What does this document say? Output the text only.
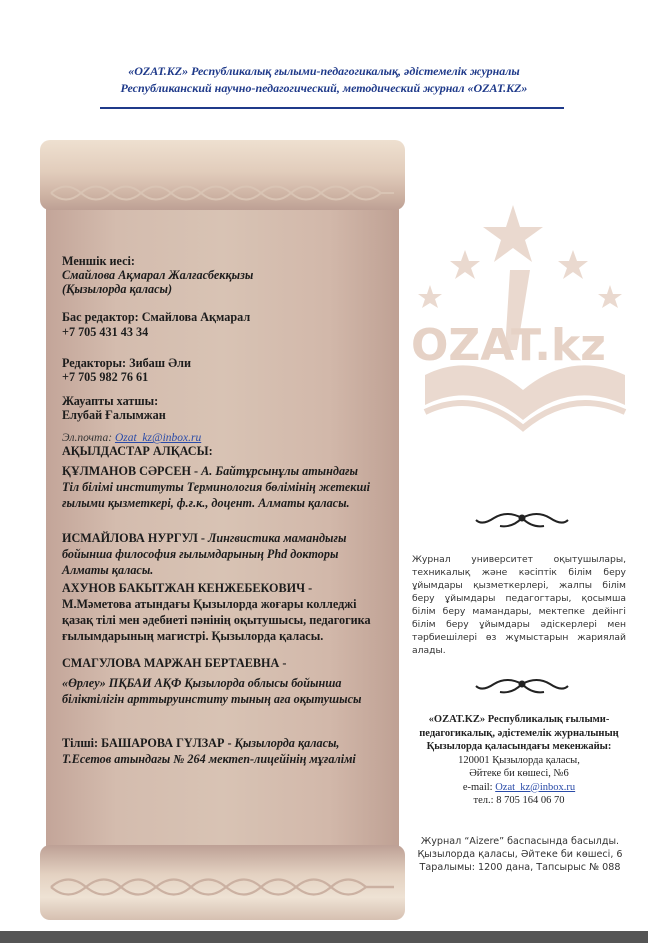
«OZAT.KZ» Республикалық ғылыми-педагогикалық, әдістемелік журналы
Республиканский научно-педагогический, методический журнал «OZAT.KZ»
Меншік иесі:
Смайлова Ақмарал Жалғасбекқызы
(Қызылорда қаласы)
Бас редактор: Смайлова Ақмарал
+7 705 431 43 34
Редакторы: Зибаш Әли
+7 705 982 76 61
Жауапты хатшы:
Елубай Ғалымжан
Эл.почта: Ozat_kz@inbox.ru
АҚЫЛДАСТАР АЛҚАСЫ:
ҚҰЛМАНОВ СӘРСЕН - А. Байтұрсынұлы атындағы Тіл білімі институты Терминология бөлімінің жетекші ғылыми қызметкері, ф.ғ.к., доцент. Алматы қаласы.
ИСМАЙЛОВА НУРГУЛ - Лингвистика мамандығы бойынша философия ғылымдарының Phd докторы Алматы қаласы.
АХУНОВ БАКЫТЖАН КЕНЖЕБЕКОВИЧ - М.Мәметова атындағы Қызылорда жоғары колледжі қазақ тілі мен әдебиеті пәнінің оқытушысы, педагогика ғылымдарының магистрі. Қызылорда қаласы.
СМАГУЛОВА МАРЖАН БЕРТАЕВНА -
«Өрлеу» ПҚБАИ АҚФ Қызылорда облысы бойынша біліктілігін арттыруинститу тының аға оқытушысы
Тілші: БАШАРОВА ГҮЛЗАР - Қызылорда қаласы, Т.Есетов атындағы № 264 мектеп-лицейінің мұғалімі
OZAT.kz
Журнал университет оқытушылары, техникалық және кәсіптік білім беру ұйымдары қызметкерлері, жалпы білім беру ұйымдары педагогтары, қосымша білім беру мамандары, мектепке дейінгі білім беру ұйымдары әдіскерлері мен тәрбиешілері өз жұмыстарын жариялай алады.
«OZAT.KZ» Республикалық ғылыми-педагогикалық, әдістемелік журналының Қызылорда қаласындағы мекенжайы:
120001 Қызылорда қаласы,
Әйтеке би көшесі, №6
e-mail: Ozat_kz@inbox.ru
тел.: 8 705 164 06 70
Журнал “Aizere” баспасында басылды.
Қызылорда қаласы, Әйтеке би көшесі, 6
Таралымы: 1200 дана, Тапсырыс № 088
